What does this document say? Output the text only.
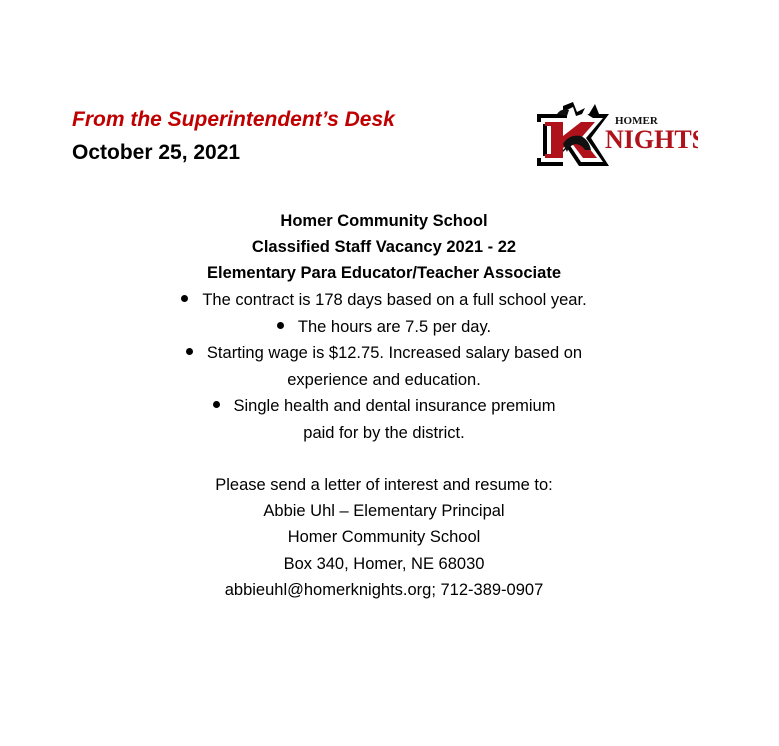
From the Superintendent’s Desk
October 25, 2021
HOMER
NIGHTS
Homer Community School
Classified Staff Vacancy 2021 - 22
Elementary Para Educator/Teacher Associate
The contract is 178 days based on a full school year.
The hours are 7.5 per day.
Starting wage is $12.75. Increased salary based on
experience and education.
Single health and dental insurance premium
paid for by the district.
Please send a letter of interest and resume to:
Abbie Uhl – Elementary Principal
Homer Community School
Box 340, Homer, NE 68030
abbieuhl@homerknights.org; 712-389-0907
